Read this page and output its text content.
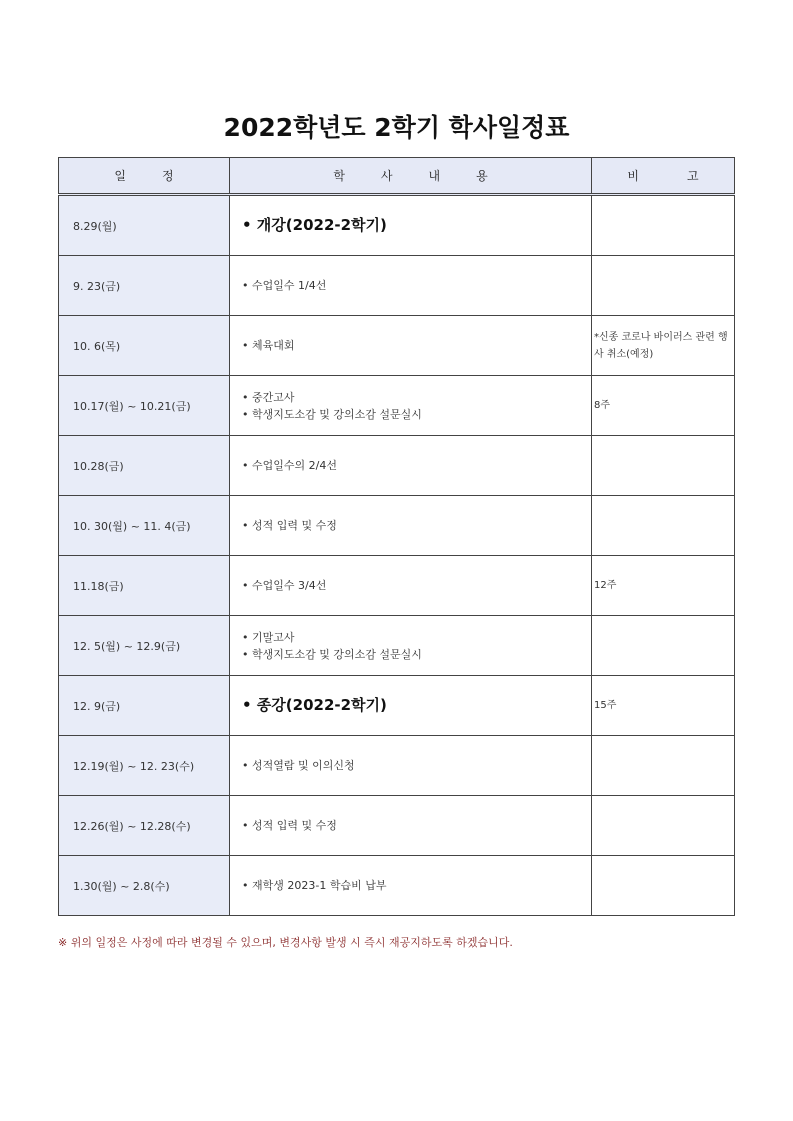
2022학년도 2학기 학사일정표
일　　　정	학　　　사　　　내　　　용	비　　　　고
8.29(월)	• 개강(2022-2학기)	

9. 23(금)	• 수업일수 1/4선	

10. 6(목)	• 체육대회	*신종 코로나 바이러스 관련 행사 취소(예정)
10.17(월) ~ 10.21(금)	• 중간고사
• 학생지도소감 및 강의소감 설문실시	8주
10.28(금)	• 수업일수의 2/4선	

10. 30(월) ~ 11. 4(금)	• 성적 입력 및 수정	

11.18(금)	• 수업일수 3/4선	12주
12. 5(월) ~ 12.9(금)	• 기말고사
• 학생지도소감 및 강의소감 설문실시	

12. 9(금)	• 종강(2022-2학기)	15주
12.19(월) ~ 12. 23(수)	• 성적열람 및 이의신청	

12.26(월) ~ 12.28(수)	• 성적 입력 및 수정	

1.30(월) ~ 2.8(수)	• 재학생 2023-1 학습비 납부	

※ 위의 일정은 사정에 따라 변경될 수 있으며, 변경사항 발생 시 즉시 재공지하도록 하겠습니다.
